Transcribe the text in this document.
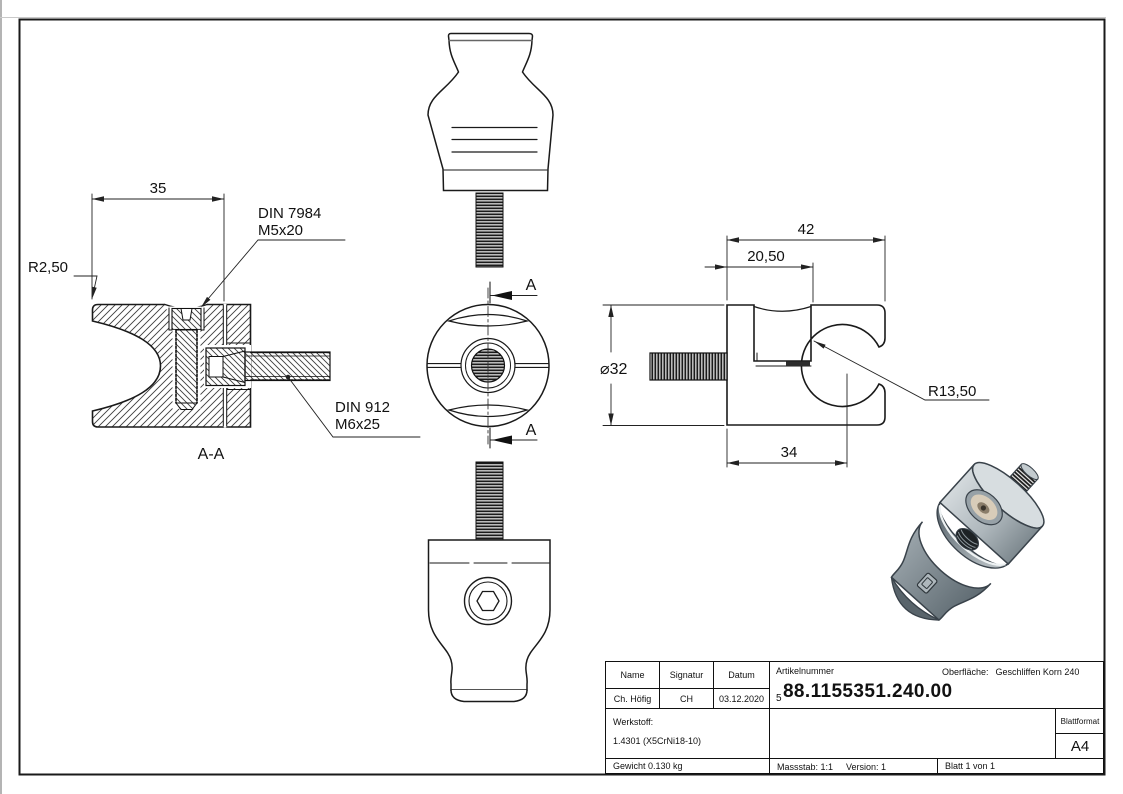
35
R2,50
DIN 7984
M5x20
DIN 912
M6x25
A-A
A
A
42
20,50
⌀32
34
R13,50
Name	Signatur	Datum
Ch. Höfig	CH	03.12.2020
Artikelnummer	Oberfläche: Geschliffen Korn 240
$_5$88.1155351.240.00
Werkstoff:
1.4301 (X5CrNi18-10)
Blattformat
A4
Gewicht 0.130 kg	Massstab: 1:1 Version: 1	Blatt 1 von 1
